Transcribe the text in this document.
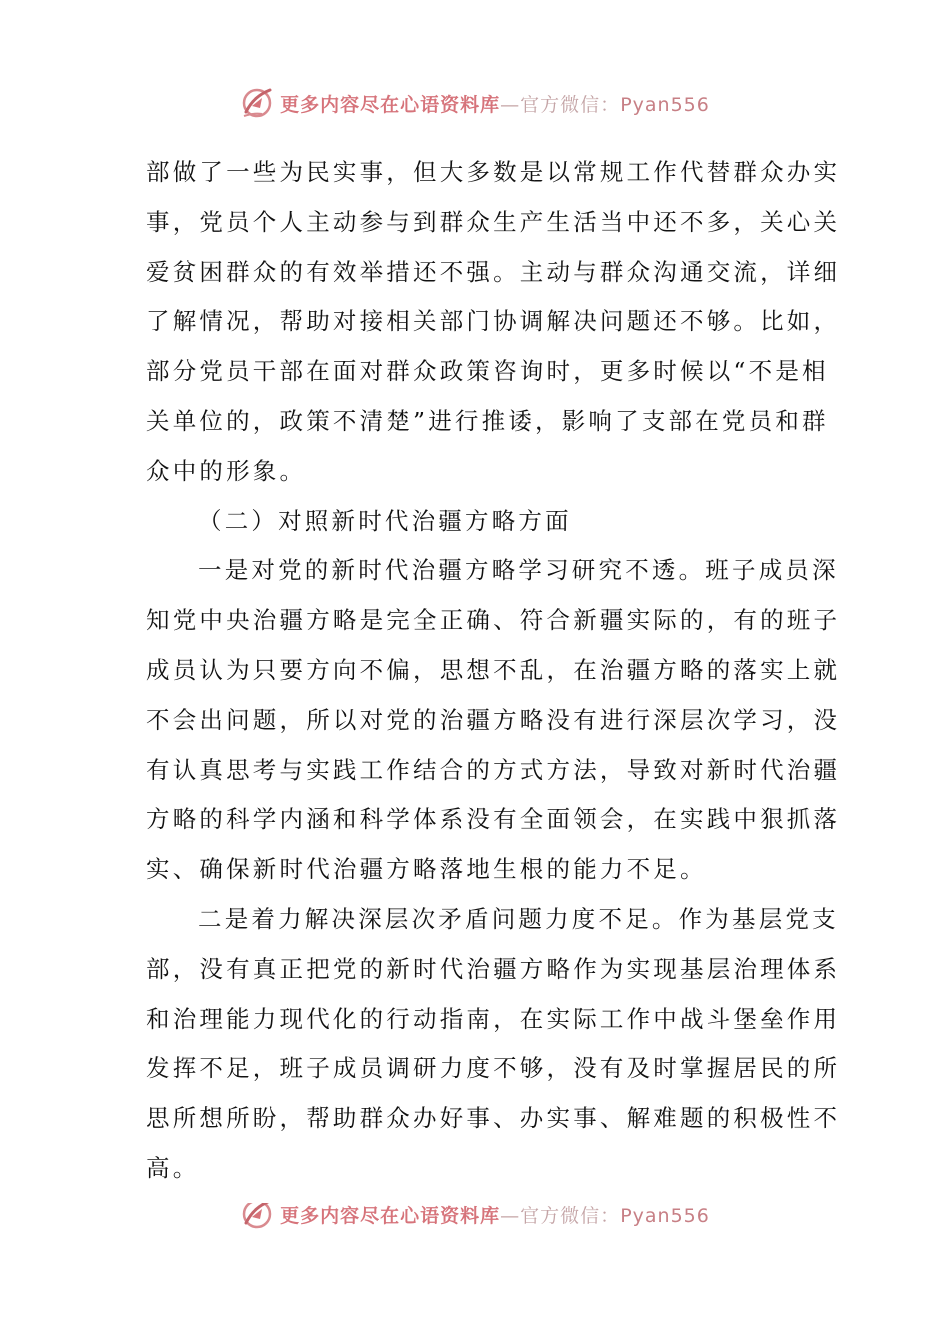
更多内容尽在心语资料库—官方微信：Pyan556
部做了一些为民实事，但大多数是以常规工作代替群众办实
事，党员个人主动参与到群众生产生活当中还不多，关心关
爱贫困群众的有效举措还不强。主动与群众沟通交流，详细
了解情况，帮助对接相关部门协调解决问题还不够。比如，
部分党员干部在面对群众政策咨询时，更多时候以“不是相
关单位的，政策不清楚”进行推诿，影响了支部在党员和群
众中的形象。
（二）对照新时代治疆方略方面
一是对党的新时代治疆方略学习研究不透。班子成员深
知党中央治疆方略是完全正确、符合新疆实际的，有的班子
成员认为只要方向不偏，思想不乱，在治疆方略的落实上就
不会出问题，所以对党的治疆方略没有进行深层次学习，没
有认真思考与实践工作结合的方式方法，导致对新时代治疆
方略的科学内涵和科学体系没有全面领会，在实践中狠抓落
实、确保新时代治疆方略落地生根的能力不足。
二是着力解决深层次矛盾问题力度不足。作为基层党支
部，没有真正把党的新时代治疆方略作为实现基层治理体系
和治理能力现代化的行动指南，在实际工作中战斗堡垒作用
发挥不足，班子成员调研力度不够，没有及时掌握居民的所
思所想所盼，帮助群众办好事、办实事、解难题的积极性不
高。
更多内容尽在心语资料库—官方微信：Pyan556
